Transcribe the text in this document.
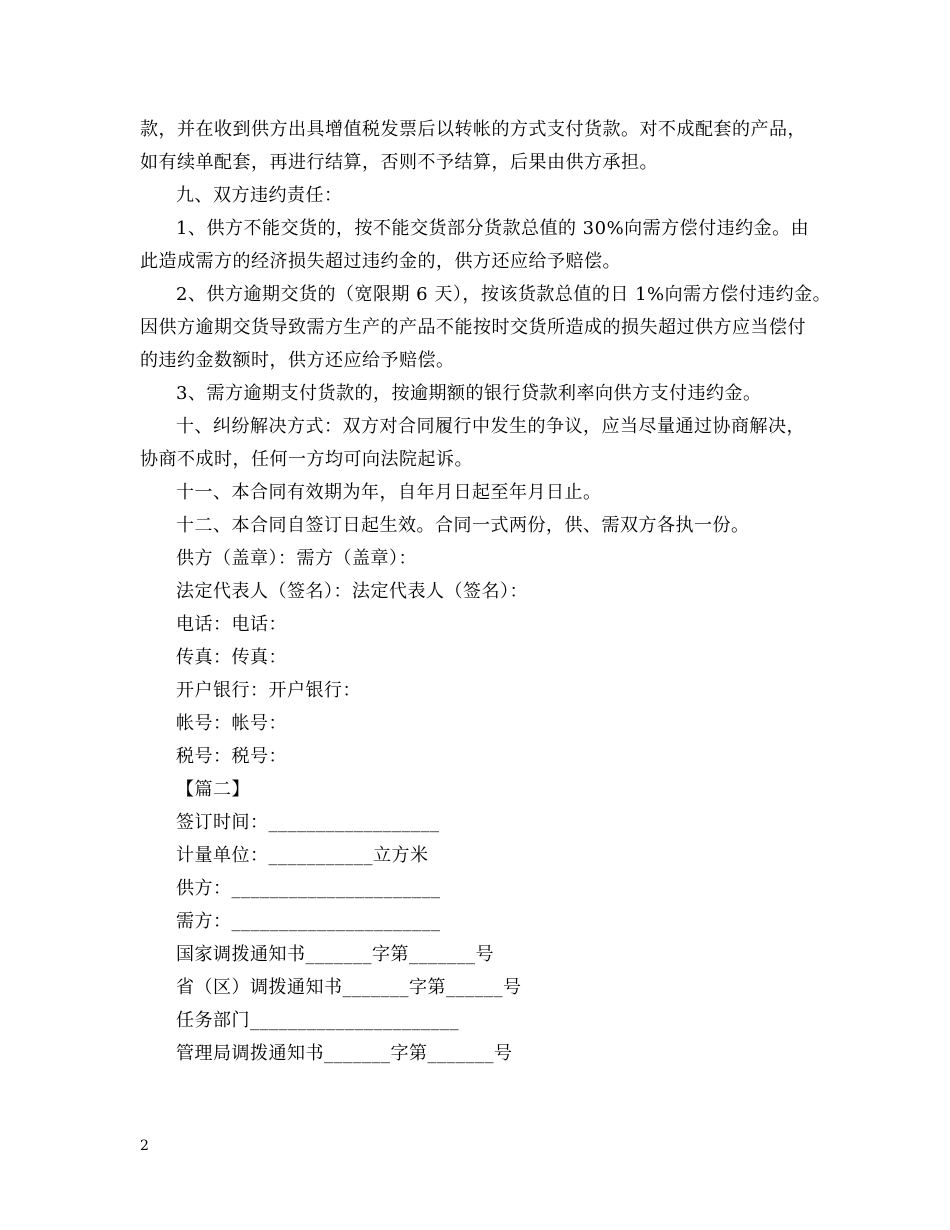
款，并在收到供方出具增值税发票后以转帐的方式支付货款。对不成配套的产品，
如有续单配套，再进行结算，否则不予结算，后果由供方承担。
九、双方违约责任：
1、供方不能交货的，按不能交货部分货款总值的 30%向需方偿付违约金。由
此造成需方的经济损失超过违约金的，供方还应给予赔偿。
2、供方逾期交货的（宽限期 6 天），按该货款总值的日 1%向需方偿付违约金。
因供方逾期交货导致需方生产的产品不能按时交货所造成的损失超过供方应当偿付
的违约金数额时，供方还应给予赔偿。
3、需方逾期支付货款的，按逾期额的银行贷款利率向供方支付违约金。
十、纠纷解决方式：双方对合同履行中发生的争议，应当尽量通过协商解决，
协商不成时，任何一方均可向法院起诉。
十一、本合同有效期为年，自年月日起至年月日止。
十二、本合同自签订日起生效。合同一式两份，供、需双方各执一份。
供方（盖章）：需方（盖章）：
法定代表人（签名）：法定代表人（签名）：
电话：电话：
传真：传真：
开户银行：开户银行：
帐号：帐号：
税号：税号：
【篇二】
签订时间：__________________
计量单位：___________立方米
供方：______________________
需方：______________________
国家调拨通知书_______字第_______号
省（区）调拨通知书_______字第______号
任务部门______________________
管理局调拨通知书_______字第_______号
2
